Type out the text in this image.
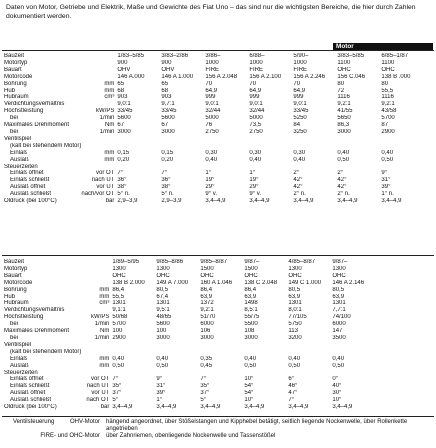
Daten von Motor, Getriebe und Elektrik, Maße und Gewichte des Fiat Uno – das sind nur die wichtigsten Bereiche, die hier durch Zahlen dokumentiert werden.
Motor
Bauzeit		1/83–5/85	3/83–2/86	3/86–	6/88–	5/90–	3/83–5/85	6/85–1/87
Motortyp		900	900	1000	1000	1000	1100	1100
Bauart		OHV	OHV	FIRE	FIRE	FIRE	OHC	OHC
Motorcode		146 A.000	146 A 1.000	156 A 2.048	156 A 2.100	156 A 2.246	156 C.046	138 B .000
Bohrung	mm	65	65	70	70	70	80	80
Hub	mm	68	68	64,9	64,9	64,9	72	55,5
Hubraum	cm³	903	903	999	999	999	1116	1116
Verdichtungsverhältnis		9,0:1	9,7:1	9,0:1	9,0:1	9,0:1	9,2:1	9,2:1
Höchstleistung	kW/PS	33/45	33/45	32/44	32/44	33/45	41/55	43/58
bei	1/min	5600	5600	5000	5000	5250	5650	5700
Maximales Drehmoment	Nm	67	67	76	73,5	84	86,3	87
bei	1/min	3000	3000	2750	2750	3250	3000	2900
Ventilspiel								
(kalt bei stehendem Motor)								
Einlaß	mm	0,15	0,15	0,30	0,30	0,30	0,40	0,40
Auslaß	mm	0,20	0,20	0,40	0,40	0,40	0,50	0,50
Steuerzeiten								
Einlaß öffnet	vor OT	7°	7°	1°	1°	2°	2°	9°
Einlaß schließt	nach UT	36°	36°	19°	19°	42°	42°	31°
Auslaß öffnet	vor UT	38°	38°	29°	29°	42°	42°	39°
Auslaß schließt	nach/vor OT	5° n.	5° n.	9° v.	9° v.	2° n.	2° n.	1° n.
Öldruck (bei 100°C)	bar	2,9–3,9	2,9–3,9	3,4–4,9	3,4–4,9	3,4–4,9	3,4–4,9	3,4–4,9
Bauzeit		1/89–5/95	9/85–8/86	9/85–8/87	9/87–	4/85–8/87	9/87–
Motortyp		1300	1300	1500	1500	1300	1300
Bauart		OHC	OHC	OHC	OHC	OHC	OHC
Motorcode		138 B 2.000	149 A 7.000	160 A 1.046	138 C 2.048	149 C 1.000	146 A 2.146
Bohrung	mm	86,4	80,5	86,4	86,4	80,5	80,5
Hub	mm	55,5	67,4	63,9	63,9	63,9	63,9
Hubraum	cm³	1301	1301	1372	1498	1301	1301
Verdichtungsverhältnis		9,1:1	9,5:1	9,2:1	8,5:1	8,0:1	7,7:1
Höchstleistung	kW/PS	50/68	48/65	51/70	55/75	77/105	74/100
bei	1/min	5700	5600	6000	5500	5750	6000
Maximales Drehmoment	Nm	100	100	106	108	113	147
bei	1/min	2900	3000	3000	3000	3200	3500
Ventilspiel							
(kalt bei stehendem Motor)							
Einlaß	mm	0,40	0,40	0,35	0,40	0,40	0,40
Auslaß	mm	0,50	0,50	0,45	0,50	0,50	0,50
Steuerzeiten							
Einlaß öffnet	vor OT	7°	9°	7°	10°	6°	0°
Einlaß schließt	nach UT	35°	31°	35°	54°	46°	40°
Auslaß öffnet	vor UT	37°	39°	37°	54°	47°	30°
Auslaß schließt	nach OT	5°	1°	5°	10°	7°	10°
Öldruck (bei 100°C)	bar	3,4–4,9	3,4–4,9	3,4–4,9	3,4–4,9	3,4–4,9	3,4–4,9
Ventilsteuerung OHV-Motor	hängend angeordnet, über Stößelstangen und Kipphebel betätigt, seitlich liegende Nockenwelle, über Rollenkette angetrieben
FIRE- und OHC-Motor	über Zahnriemen, obenliegende Nockenwelle und Tassenstößel
